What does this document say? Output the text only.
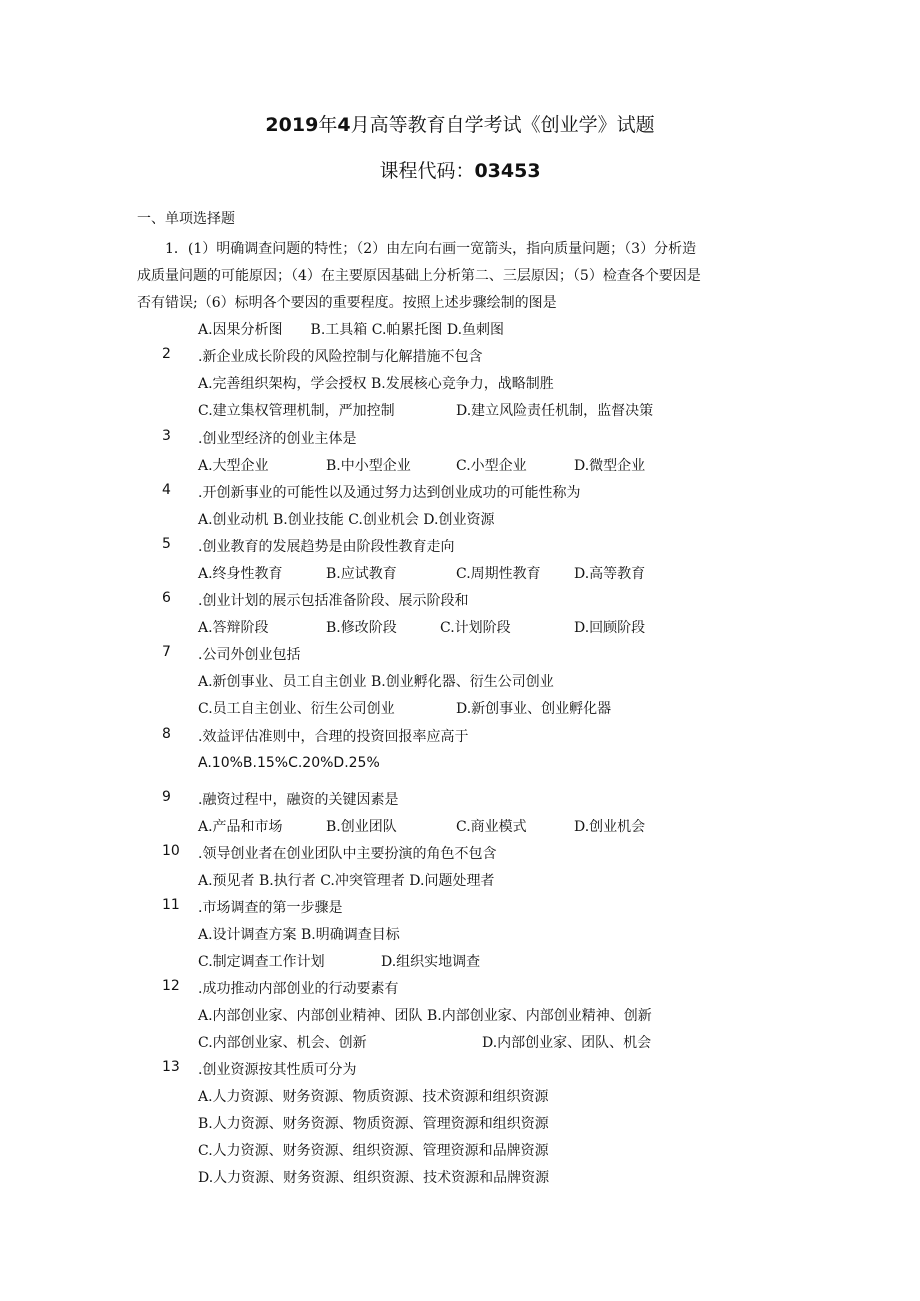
2019年4月高等教育自学考试《创业学》试题
课程代码：03453
一、单项选择题
1．(1）明确调查问题的特性；（2）由左向右画一宽箭头，指向质量问题；（3）分析造
成质量问题的可能原因；（4）在主要原因基础上分析第二、三层原因；（5）检查各个要因是
否有错误;（6）标明各个要因的重要程度。按照上述步骤绘制的图是
A.因果分析图　　B.工具箱 C.帕累托图 D.鱼刺图
2 .新企业成长阶段的风险控制与化解措施不包含
A.完善组织架构，学会授权 B.发展核心竞争力，战略制胜
C.建立集权管理机制，严加控制	D.建立风险责任机制，监督决策
3 .创业型经济的创业主体是
A.大型企业	B.中小型企业	C.小型企业	D.微型企业
4 .开创新事业的可能性以及通过努力达到创业成功的可能性称为
A.创业动机 B.创业技能 C.创业机会 D.创业资源
5 .创业教育的发展趋势是由阶段性教育走向
A.终身性教育	B.应试教育	C.周期性教育 D.高等教育
6 .创业计划的展示包括准备阶段、展示阶段和
A.答辩阶段	B.修改阶段	C.计划阶段	D.回顾阶段
7 .公司外创业包括
A.新创事业、员工自主创业 B.创业孵化器、衍生公司创业
C.员工自主创业、衍生公司创业	D.新创事业、创业孵化器
8 .效益评估准则中，合理的投资回报率应高于
A.10%B.15%C.20%D.25%
9 .融资过程中，融资的关键因素是
A.产品和市场	B.创业团队	C.商业模式	D.创业机会
10 .领导创业者在创业团队中主要扮演的角色不包含
A.预见者 B.执行者 C.冲突管理者 D.问题处理者
11 .市场调查的第一步骤是
A.设计调查方案 B.明确调查目标
C.制定调查工作计划	D.组织实地调查
12 .成功推动内部创业的行动要素有
A.内部创业家、内部创业精神、团队 B.内部创业家、内部创业精神、创新
C.内部创业家、机会、创新	D.内部创业家、团队、机会
13 .创业资源按其性质可分为
A.人力资源、财务资源、物质资源、技术资源和组织资源
B.人力资源、财务资源、物质资源、管理资源和组织资源
C.人力资源、财务资源、组织资源、管理资源和品牌资源
D.人力资源、财务资源、组织资源、技术资源和品牌资源
